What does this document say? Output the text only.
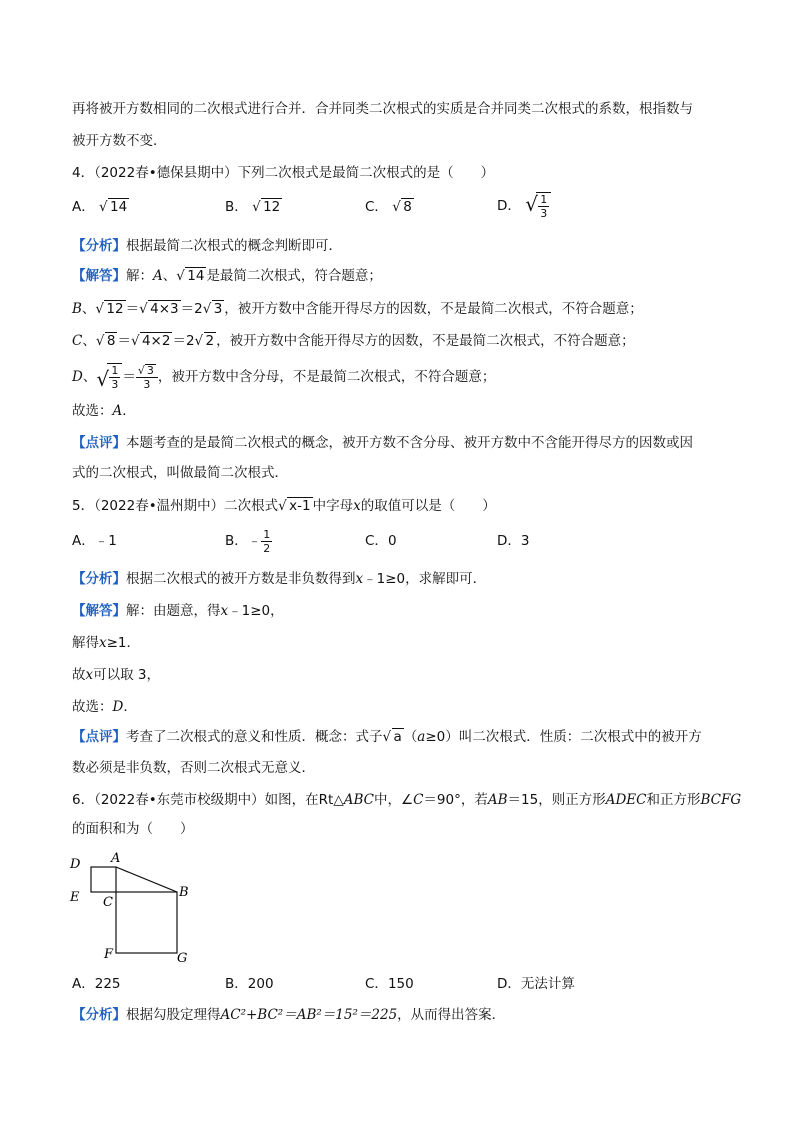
再将被开方数相同的二次根式进行合并．合并同类二次根式的实质是合并同类二次根式的系数，根指数与
被开方数不变．
4．（2022春•德保县期中）下列二次根式是最简二次根式的是（　　）
A． √ 14	B． √ 12	C． √ 8	D． √ $\frac{1}{3}$
【分析】根据最简二次根式的概念判断即可．
【解答】解：A、 √ 14 是最简二次根式，符合题意；
B、 √ 12 ＝ √ 4×3 ＝2 √ 3 ，被开方数中含能开得尽方的因数，不是最简二次根式，不符合题意；
C、 √ 8 ＝ √ 4×2 ＝2 √ 2 ，被开方数中含能开得尽方的因数，不是最简二次根式，不符合题意；
D、 √ $\frac{1}{3} = \frac{√ 3}{3}$ ，被开方数中含分母，不是最简二次根式，不符合题意；
故选：A．
【点评】本题考查的是最简二次根式的概念，被开方数不含分母、被开方数中不含能开得尽方的因数或因
式的二次根式，叫做最简二次根式．
5．（2022春•温州期中）二次根式 √ x-1 中字母x的取值可以是（　　）
A．﹣1	B．﹣ $\frac{1}{2}$	C．0	D．3
【分析】根据二次根式的被开方数是非负数得到x﹣1≥0，求解即可．
【解答】解：由题意，得x﹣1≥0，
解得x≥1．
故x可以取 3，
故选：D．
【点评】考查了二次根式的意义和性质．概念：式子 √ a （a≥0）叫二次根式．性质：二次根式中的被开方
数必须是非负数，否则二次根式无意义．
6．（2022春•东莞市校级期中）如图，在Rt△ABC中，∠C＝90°，若AB＝15，则正方形ADEC和正方形BCFG
的面积和为（　　）
D A
E C
B
F	G
A．225	B．200	C．150	D．无法计算
【分析】根据勾股定理得AC²+BC²＝AB²＝15²＝225，从而得出答案．
